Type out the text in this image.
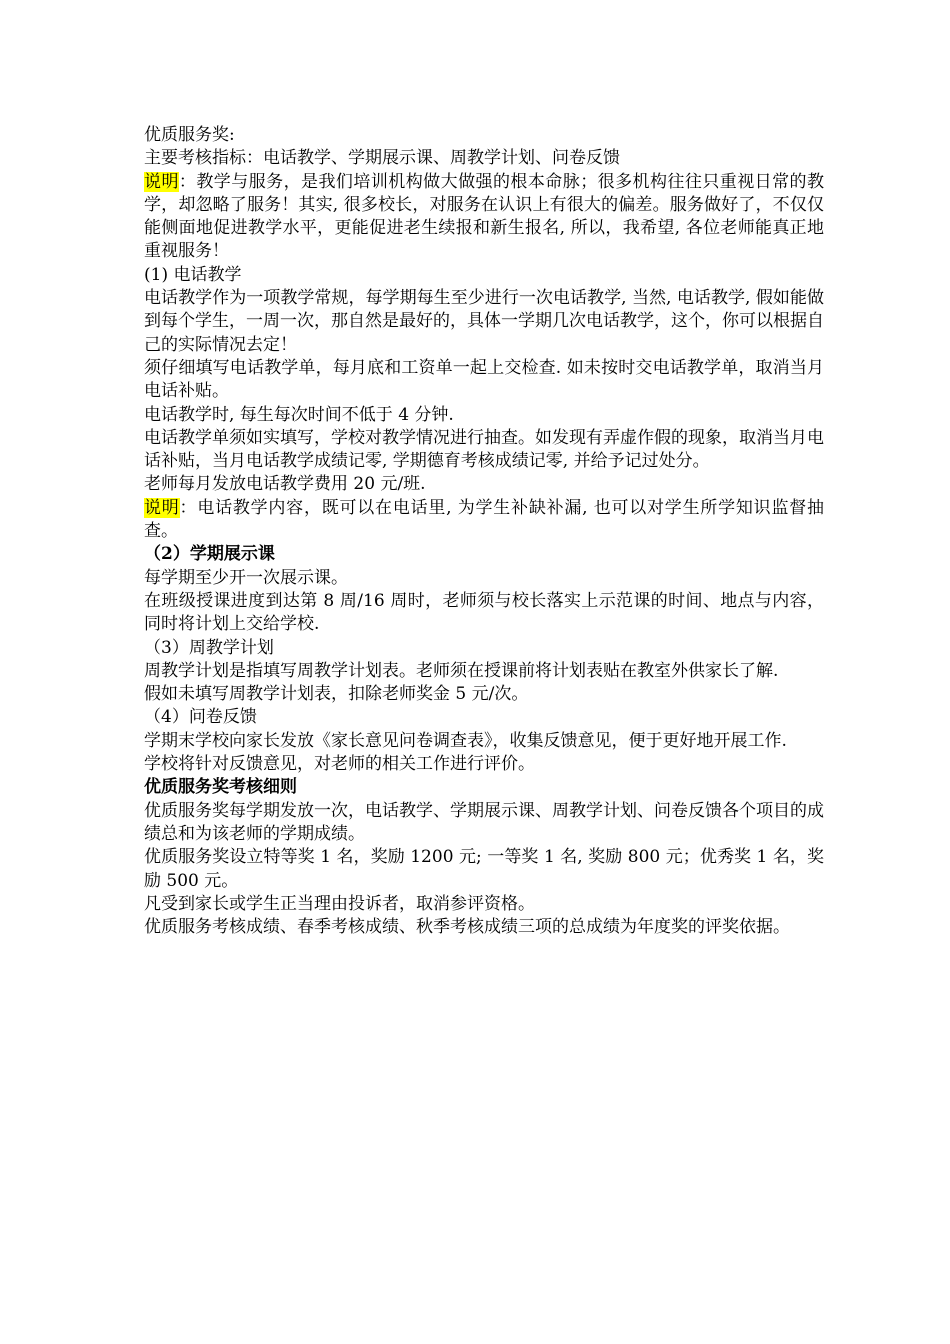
优质服务奖:

主要考核指标：电话教学、学期展示课、周教学计划、问卷反馈

说明：教学与服务，是我们培训机构做大做强的根本命脉；很多机构往往只重视日常的教学，却忽略了服务！其实, 很多校长，对服务在认识上有很大的偏差。服务做好了，不仅仅能侧面地促进教学水平，更能促进老生续报和新生报名, 所以，我希望, 各位老师能真正地重视服务！

(1) 电话教学

电话教学作为一项教学常规，每学期每生至少进行一次电话教学, 当然, 电话教学, 假如能做到每个学生，一周一次，那自然是最好的，具体一学期几次电话教学，这个，你可以根据自己的实际情况去定！

须仔细填写电话教学单，每月底和工资单一起上交检查. 如未按时交电话教学单，取消当月电话补贴。

电话教学时, 每生每次时间不低于 4 分钟.

电话教学单须如实填写，学校对教学情况进行抽查。如发现有弄虚作假的现象，取消当月电话补贴，当月电话教学成绩记零, 学期德育考核成绩记零, 并给予记过处分。

老师每月发放电话教学费用 20 元/班.

说明：电话教学内容，既可以在电话里, 为学生补缺补漏, 也可以对学生所学知识监督抽查。

（2）学期展示课

每学期至少开一次展示课。

在班级授课进度到达第 8 周/16 周时，老师须与校长落实上示范课的时间、地点与内容，同时将计划上交给学校.

（3）周教学计划

周教学计划是指填写周教学计划表。老师须在授课前将计划表贴在教室外供家长了解.

假如未填写周教学计划表，扣除老师奖金 5 元/次。

（4）问卷反馈

学期末学校向家长发放《家长意见问卷调查表》，收集反馈意见，便于更好地开展工作.

学校将针对反馈意见，对老师的相关工作进行评价。

优质服务奖考核细则

优质服务奖每学期发放一次，电话教学、学期展示课、周教学计划、问卷反馈各个项目的成绩总和为该老师的学期成绩。

优质服务奖设立特等奖 1 名，奖励 1200 元; 一等奖 1 名, 奖励 800 元；优秀奖 1 名，奖励 500 元。

凡受到家长或学生正当理由投诉者，取消参评资格。

优质服务考核成绩、春季考核成绩、秋季考核成绩三项的总成绩为年度奖的评奖依据。
